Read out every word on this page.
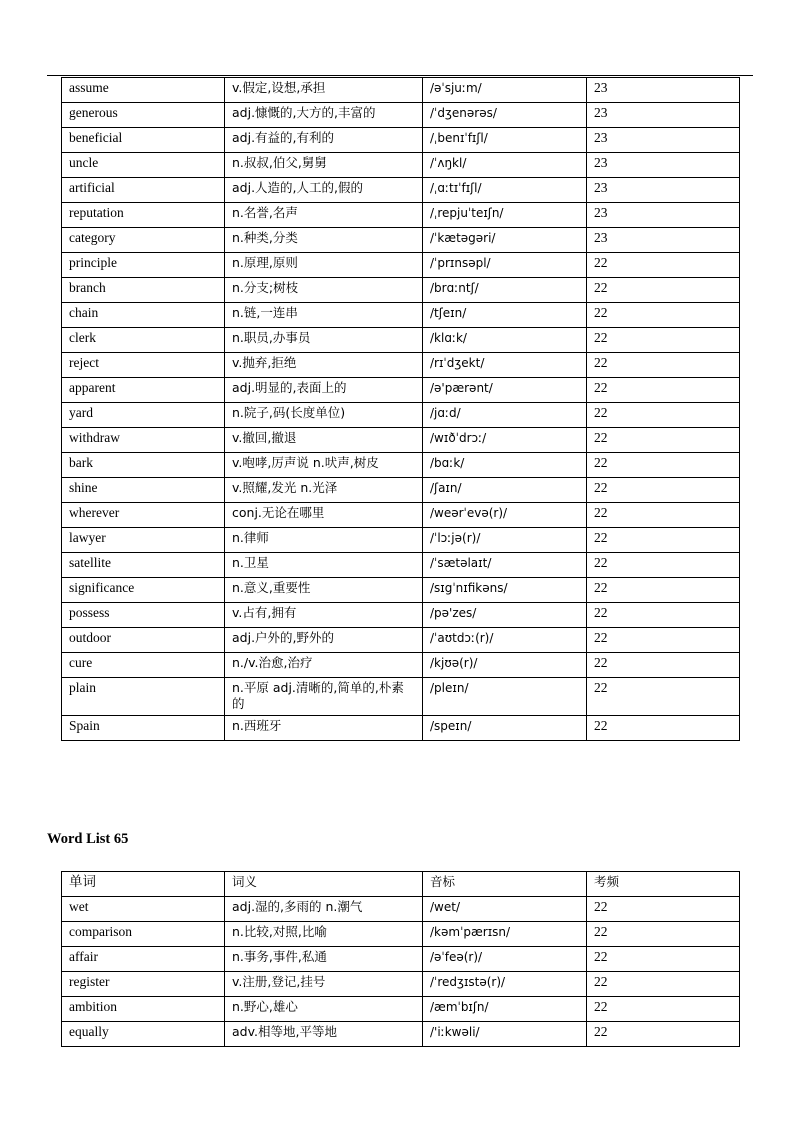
assume	v.假定,设想,承担	/əˈsjuːm/	23
generous	adj.慷慨的,大方的,丰富的	/ˈdʒenərəs/	23
beneficial	adj.有益的,有利的	/ˌbenɪˈfɪʃl/	23
uncle	n.叔叔,伯父,舅舅	/ˈʌŋkl/	23
artificial	adj.人造的,人工的,假的	/ˌɑːtɪˈfɪʃl/	23
reputation	n.名誉,名声	/ˌrepjuˈteɪʃn/	23
category	n.种类,分类	/ˈkætəgəri/	23
principle	n.原理,原则	/ˈprɪnsəpl/	22
branch	n.分支;树枝	/brɑːntʃ/	22
chain	n.链,一连串	/tʃeɪn/	22
clerk	n.职员,办事员	/klɑːk/	22
reject	v.抛弃,拒绝	/rɪˈdʒekt/	22
apparent	adj.明显的,表面上的	/ə'pærənt/	22
yard	n.院子,码(长度单位)	/jɑːd/	22
withdraw	v.撤回,撤退	/wɪðˈdrɔː/	22
bark	v.咆哮,厉声说 n.吠声,树皮	/bɑːk/	22
shine	v.照耀,发光 n.光泽	/ʃaɪn/	22
wherever	conj.无论在哪里	/weərˈevə(r)/	22
lawyer	n.律师	/ˈlɔːjə(r)/	22
satellite	n.卫星	/ˈsætəlaɪt/	22
significance	n.意义,重要性	/sɪgˈnɪfikəns/	22
possess	v.占有,拥有	/pə'zes/	22
outdoor	adj.户外的,野外的	/ˈaʊtdɔː(r)/	22
cure	n./v.治愈,治疗	/kjʊə(r)/	22
plain	n.平原 adj.清晰的,简单的,朴素的	/pleɪn/	22
Spain	n.西班牙	/speɪn/	22
Word List 65
单词	词义	音标	考频
wet	adj.湿的,多雨的 n.潮气	/wet/	22
comparison	n.比较,对照,比喻	/kəmˈpærɪsn/	22
affair	n.事务,事件,私通	/əˈfeə(r)/	22
register	v.注册,登记,挂号	/ˈredʒɪstə(r)/	22
ambition	n.野心,雄心	/æmˈbɪʃn/	22
equally	adv.相等地,平等地	/'iːkwəli/	22
